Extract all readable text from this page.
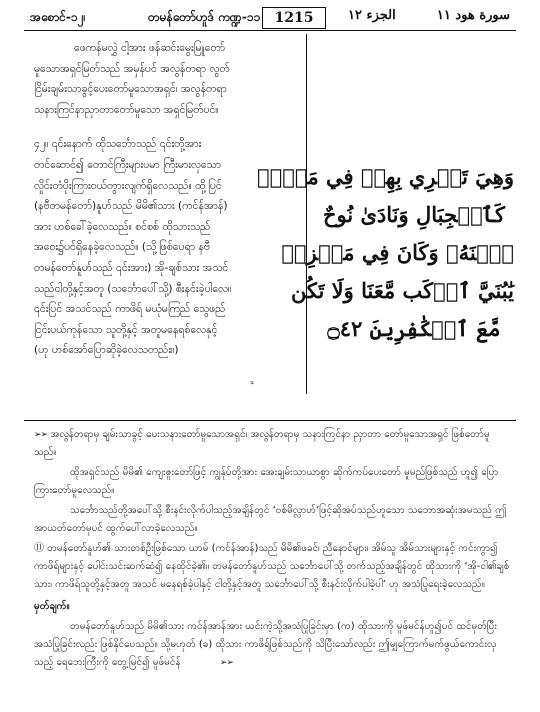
အစောင်-၁၂၊	တမန်တော်ဟူဒ် ကဏ္ဍ-၁၁	1215	الجزء ١٢	سورة هود ١١

ဖေကန်မလွှဲ ငါ့အား ဖန်ဆင်းမွေးမြူတော်
မူသောအရှင်မြတ်သည် အမှန်ပင် အလွန်တရာ လွတ်
ငြိမ်းချမ်းသာခွင့်ပေးတော်မူသောအရှင်၊ အလွန်တရာ
သနားကြင်နာညှာတာတော်မူသော အရှင်မြတ်ပင်။

၄၂။ ၎င်းနောက် ထိုသင်္ဘောသည် ၎င်းတို့အား
တင်ဆောင်၍ တောင်ကြီးများပမာ ကြီးမားလှသော
လှိုင်းတံပိုးကြားဝယ်တွားလျက်ရှိလေသည်။ ထို့ပြင်
(နဗီတမန်တော်)နူဟ်သည် မိမိ၏သား (ကင်န်အာန်)
အား ဟစ်ခေါ်ခဲ့လေသည်။ စင်စစ် ထိုသားသည်
အဝေး၌ပင်ရှိနေခဲ့လေသည်။ (သို့ဖြစ်ပေရာ နဗီ
တမန်တော်နူဟ်သည် ၎င်းအား) အို-ချစ်သား အသင်
သည်ငါတို့နှင့်အတူ (သင်္ဘောပေါ်သို့) စီးနင်းခဲ့ပါလေ။
၎င်းပြင် အသင်သည် ကာဖိရ် မယုံမကြည် သွေဖည်
ငြင်းပယ်ကုန်သော သူတို့နှင့် အတူမနေရစ်လေနှင့်
(ဟု ဟစ်အော်ပြောဆိုခဲ့လေသတည်း။)

ᐣ
وَهِيَ تَجۡرِي بِهِمۡ فِي مَوۡجٖ
كَٱلۡجِبَالِ وَنَادَىٰ نُوحٌ
ٱبۡنَهُۥ وَكَانَ فِي مَعۡزِلٖ
يَٰبُنَيَّ ٱرۡكَب مَّعَنَا وَلَا تَكُن
مَّعَ ٱلۡكَٰفِرِينَ ۝٤٢

➢➢ အလွန်တရာမှ ချမ်းသာခွင့် ပေးသနားတော်မူသောအရှင်၊ အလွန်တရာမှ သနားကြင်နာ ညှာတာ တော်မူသောအရှင် ဖြစ်တော်မူသည်။

ထိုအရှင်သည် မိမိ၏ ကျေးဇူးတော်ဖြင့် ကျွန်ုပ်တို့အား အေးချမ်းသာယာစွာ ဆိုက်ကပ်ပေးတော် မူမည်ဖြစ်သည် ဟူ၍ ပြောကြားတော်မူလေသည်။

သင်္ဘောသည်တို့အပေါ်သို့ စီးနင်းလိုက်ပါသည့်အချိန်တွင် ‘ဗစ်မိလ္လာဟ်’ဖြင့်ဆိုအပ်သည်ဟူသော သဘောအဆုံးအမသည် ဤအာယတ်တော်မှပင် ထွက်ပေါ်လာခဲ့လေသည်။

⑪ တမန်တော်နူဟ်၏ သားတစ်ဦးဖြစ်သော ယာမ် (ကင်န်အာန်)သည် မိမိ၏ဖခင်၊ ညီနောင်များ၊ အိမ်သူ အိမ်သားများနှင့် ကင်းကွာ၍ ကာဖိရ်များနှင့် ပေါင်းသင်းဆက်ဆံ၍ နေထိုင်ခဲ့၏။ တမန်တော်နူဟ်သည် သင်္ဘောပေါ်သို့ တက်သည့်အချိန်တွင် ထိုသားကို ‘အို-ငါ၏ချစ်သား၊ ကာဖိရ်သူတို့နှင့်အတူ အသင် မနေရစ်ခဲ့ပါနှင့် ငါတို့နှင့်အတူ သင်္ဘောပေါ်သို့ စီးနင်းလိုက်ပါခဲ့ပါ’ ဟု အသံပြုရေးခဲ့လေသည်။

မှတ်ချက်။

တမန်တော်နူဟ်သည် မိမိ၏သား ကင်န်အာန်အား ယင်းကဲ့သို့အသံပြုခြင်းမှာ (က) ထိုသားကို မူဖ်မင်န်ဟူ၍ပင် ထင်မှတ်ပြီး အသံပြုခြင်းလည်း ဖြစ်နိုင်ပေသည်။ သို့မဟုတ် (ခ) ထိုသား ကာဖိရ်ဖြစ်သည်ကို သိပြီးသော်လည်း ဤမျှကြောက်မက်ဖွယ်ကောင်းလှသည့် ရေဘေးကြီးကို တွေ့မြင်၍ မူဖ်မင်န်	➢➢
